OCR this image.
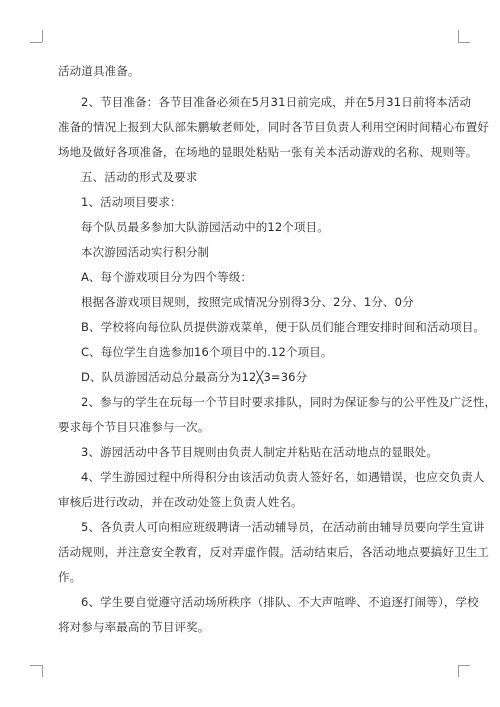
活动道具准备。
2、节目准备：各节目准备必须在5月31日前完成，并在5月31日前将本活动
准备的情况上报到大队部朱鹏敏老师处，同时各节目负责人利用空闲时间精心布置好
场地及做好各项准备，在场地的显眼处粘贴一张有关本活动游戏的名称、规则等。
五、活动的形式及要求
1、活动项目要求：
每个队员最多参加大队游园活动中的12个项目。
本次游园活动实行积分制
A、每个游戏项目分为四个等级：
根据各游戏项目规则，按照完成情况分别得3分、2分、1分、0分
B、学校将向每位队员提供游戏菜单，便于队员们能合理安排时间和活动项目。
C、每位学生自选参加16个项目中的.12个项目。
D、队员游园活动总分最高分为12╳3=36分
2、参与的学生在玩每一个节目时要求排队，同时为保证参与的公平性及广泛性，
要求每个节目只准参与一次。
3、游园活动中各节目规则由负责人制定并粘贴在活动地点的显眼处。
4、学生游园过程中所得积分由该活动负责人签好名，如遇错误，也应交负责人
审核后进行改动，并在改动处签上负责人姓名。
5、各负责人可向相应班级聘请一活动辅导员，在活动前由辅导员要向学生宣讲
活动规则，并注意安全教育，反对弄虚作假。活动结束后，各活动地点要搞好卫生工
作。
6、学生要自觉遵守活动场所秩序（排队、不大声喧哗、不追逐打闹等），学校
将对参与率最高的节目评奖。
